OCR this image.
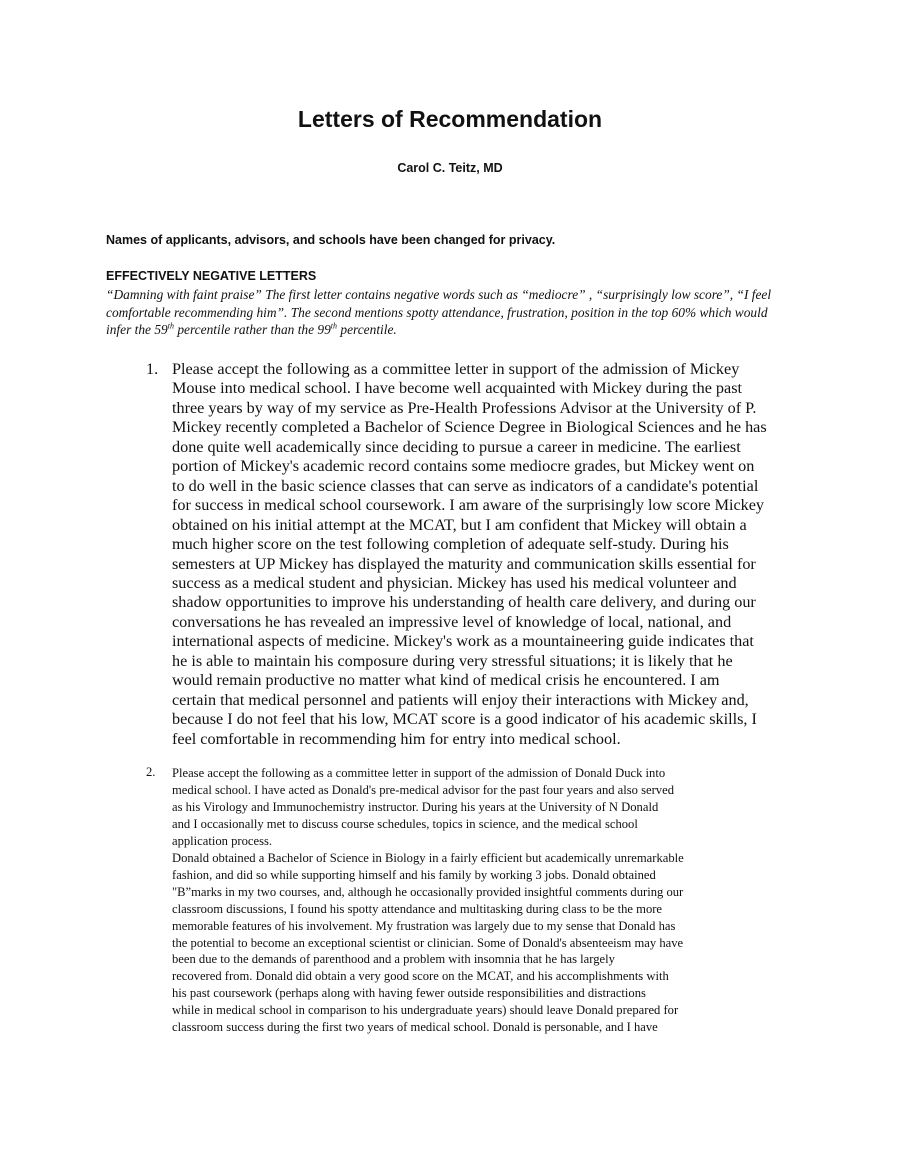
Letters of Recommendation
Carol C. Teitz, MD
Names of applicants, advisors, and schools have been changed for privacy.
EFFECTIVELY NEGATIVE LETTERS
“Damning with faint praise” The first letter contains negative words such as “mediocre” , “surprisingly low score”, “I feel comfortable recommending him”. The second mentions spotty attendance, frustration, position in the top 60% which would infer the 59th percentile rather than the 99th percentile.
1. Please accept the following as a committee letter in support of the admission of Mickey
Mouse into medical school. I have become well acquainted with Mickey during the past
three years by way of my service as Pre-Health Professions Advisor at the University of P.
Mickey recently completed a Bachelor of Science Degree in Biological Sciences and he has
done quite well academically since deciding to pursue a career in medicine. The earliest
portion of Mickey's academic record contains some mediocre grades, but Mickey went on
to do well in the basic science classes that can serve as indicators of a candidate's potential
for success in medical school coursework. I am aware of the surprisingly low score Mickey
obtained on his initial attempt at the MCAT, but I am confident that Mickey will obtain a
much higher score on the test following completion of adequate self-study. During his
semesters at UP Mickey has displayed the maturity and communication skills essential for
success as a medical student and physician. Mickey has used his medical volunteer and
shadow opportunities to improve his understanding of health care delivery, and during our
conversations he has revealed an impressive level of knowledge of local, national, and
international aspects of medicine. Mickey's work as a mountaineering guide indicates that
he is able to maintain his composure during very stressful situations; it is likely that he
would remain productive no matter what kind of medical crisis he encountered. I am
certain that medical personnel and patients will enjoy their interactions with Mickey and,
because I do not feel that his low, MCAT score is a good indicator of his academic skills, I
feel comfortable in recommending him for entry into medical school.
2. Please accept the following as a committee letter in support of the admission of Donald Duck into
medical school. I have acted as Donald's pre-medical advisor for the past four years and also served
as his Virology and Immunochemistry instructor. During his years at the University of N Donald
and I occasionally met to discuss course schedules, topics in science, and the medical school
application process.
Donald obtained a Bachelor of Science in Biology in a fairly efficient but academically unremarkable
fashion, and did so while supporting himself and his family by working 3 jobs. Donald obtained
"B”marks in my two courses, and, although he occasionally provided insightful comments during our
classroom discussions, I found his spotty attendance and multitasking during class to be the more
memorable features of his involvement. My frustration was largely due to my sense that Donald has
the potential to become an exceptional scientist or clinician. Some of Donald's absenteeism may have
been due to the demands of parenthood and a problem with insomnia that he has largely
recovered from. Donald did obtain a very good score on the MCAT, and his accomplishments with
his past coursework (perhaps along with having fewer outside responsibilities and distractions
while in medical school in comparison to his undergraduate years) should leave Donald prepared for
classroom success during the first two years of medical school. Donald is personable, and I have
